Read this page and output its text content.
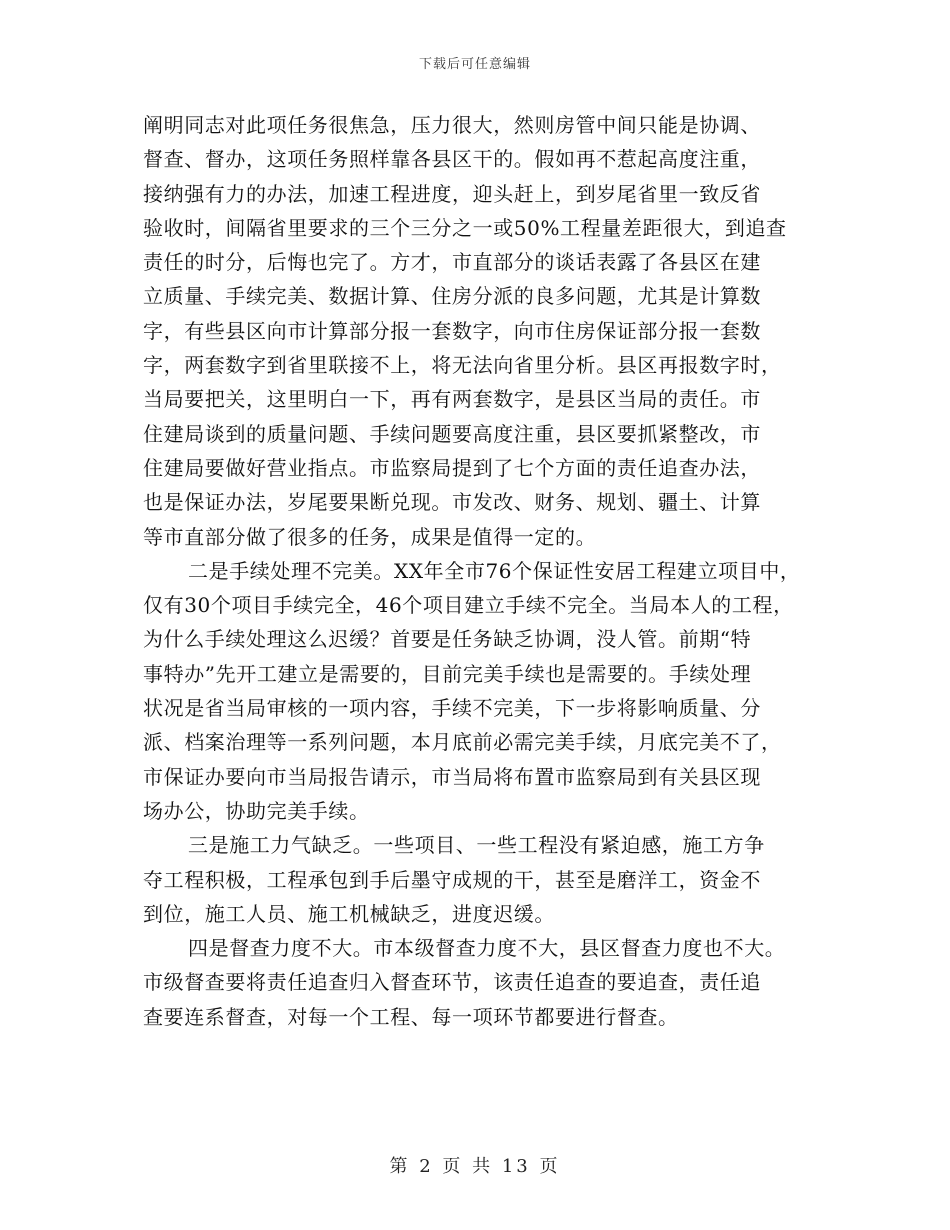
下载后可任意编辑
阐明同志对此项任务很焦急，压力很大，然则房管中间只能是协调、
督查、督办，这项任务照样靠各县区干的。假如再不惹起高度注重，
接纳强有力的办法，加速工程进度，迎头赶上，到岁尾省里一致反省
验收时，间隔省里要求的三个三分之一或50%工程量差距很大，到追查
责任的时分，后悔也完了。方才，市直部分的谈话表露了各县区在建
立质量、手续完美、数据计算、住房分派的良多问题，尤其是计算数
字，有些县区向市计算部分报一套数字，向市住房保证部分报一套数
字，两套数字到省里联接不上，将无法向省里分析。县区再报数字时，
当局要把关，这里明白一下，再有两套数字，是县区当局的责任。市
住建局谈到的质量问题、手续问题要高度注重，县区要抓紧整改，市
住建局要做好营业指点。市监察局提到了七个方面的责任追查办法，
也是保证办法，岁尾要果断兑现。市发改、财务、规划、疆土、计算
等市直部分做了很多的任务，成果是值得一定的。
二是手续处理不完美。XX年全市76个保证性安居工程建立项目中，
仅有30个项目手续完全，46个项目建立手续不完全。当局本人的工程，
为什么手续处理这么迟缓？首要是任务缺乏协调，没人管。前期“特
事特办”先开工建立是需要的，目前完美手续也是需要的。手续处理
状况是省当局审核的一项内容，手续不完美，下一步将影响质量、分
派、档案治理等一系列问题，本月底前必需完美手续，月底完美不了，
市保证办要向市当局报告请示，市当局将布置市监察局到有关县区现
场办公，协助完美手续。
三是施工力气缺乏。一些项目、一些工程没有紧迫感，施工方争
夺工程积极，工程承包到手后墨守成规的干，甚至是磨洋工，资金不
到位，施工人员、施工机械缺乏，进度迟缓。
四是督查力度不大。市本级督查力度不大，县区督查力度也不大。
市级督查要将责任追查归入督查环节，该责任追查的要追查，责任追
查要连系督查，对每一个工程、每一项环节都要进行督查。
第 2 页 共 13 页
